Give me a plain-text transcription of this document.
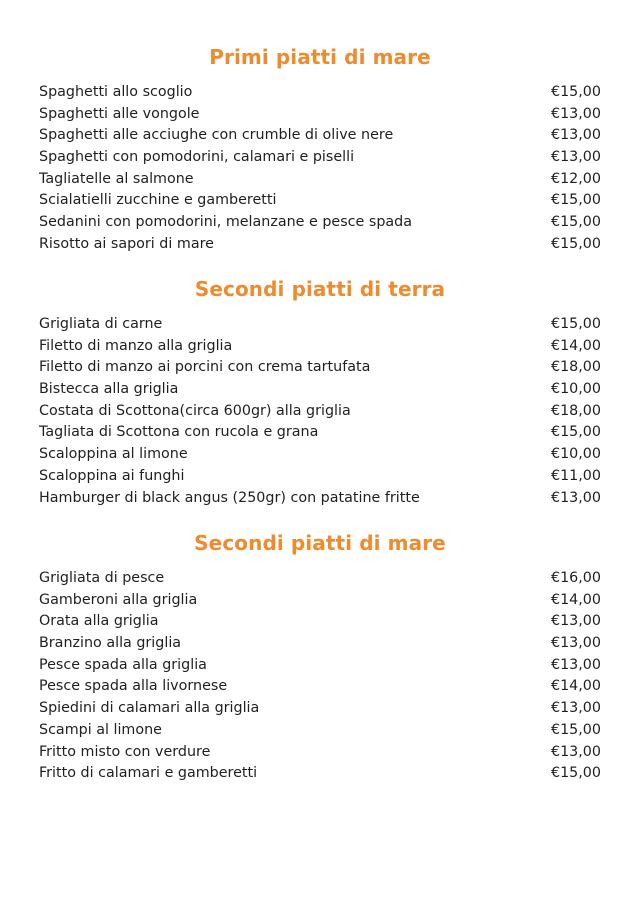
Primi piatti di mare
Spaghetti allo scoglio	€15,00
Spaghetti alle vongole	€13,00
Spaghetti alle acciughe con crumble di olive nere	€13,00
Spaghetti con pomodorini, calamari e piselli	€13,00
Tagliatelle al salmone	€12,00
Scialatielli zucchine e gamberetti	€15,00
Sedanini con pomodorini, melanzane e pesce spada	€15,00
Risotto ai sapori di mare	€15,00
Secondi piatti di terra
Grigliata di carne	€15,00
Filetto di manzo alla griglia	€14,00
Filetto di manzo ai porcini con crema tartufata	€18,00
Bistecca alla griglia	€10,00
Costata di Scottona(circa 600gr) alla griglia	€18,00
Tagliata di Scottona con rucola e grana	€15,00
Scaloppina al limone	€10,00
Scaloppina ai funghi	€11,00
Hamburger di black angus (250gr) con patatine fritte	€13,00
Secondi piatti di mare
Grigliata di pesce	€16,00
Gamberoni alla griglia	€14,00
Orata alla griglia	€13,00
Branzino alla griglia	€13,00
Pesce spada alla griglia	€13,00
Pesce spada alla livornese	€14,00
Spiedini di calamari alla griglia	€13,00
Scampi al limone	€15,00
Fritto misto con verdure	€13,00
Fritto di calamari e gamberetti	€15,00
